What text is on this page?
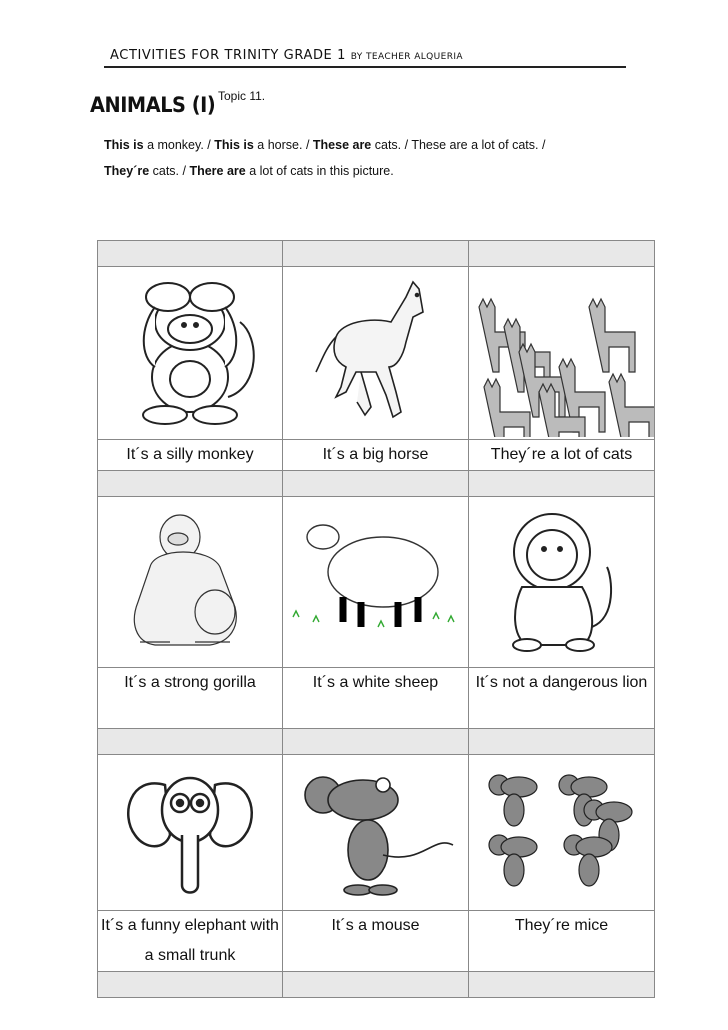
ACTIVITIES FOR TRINITY GRADE 1 BY TEACHER ALQUERIA
ANIMALS (I) Topic 11.
This is a monkey. / This is a horse. / These are cats. / These are a lot of cats. /
They´re cats. / There are a lot of cats in this picture.

It´s a silly monkey	It´s a big horse	They´re a lot of cats

It´s a strong gorilla	It´s a white sheep	It´s not a dangerous lion

It´s a funny elephant with a small trunk	It´s a mouse	They´re mice
